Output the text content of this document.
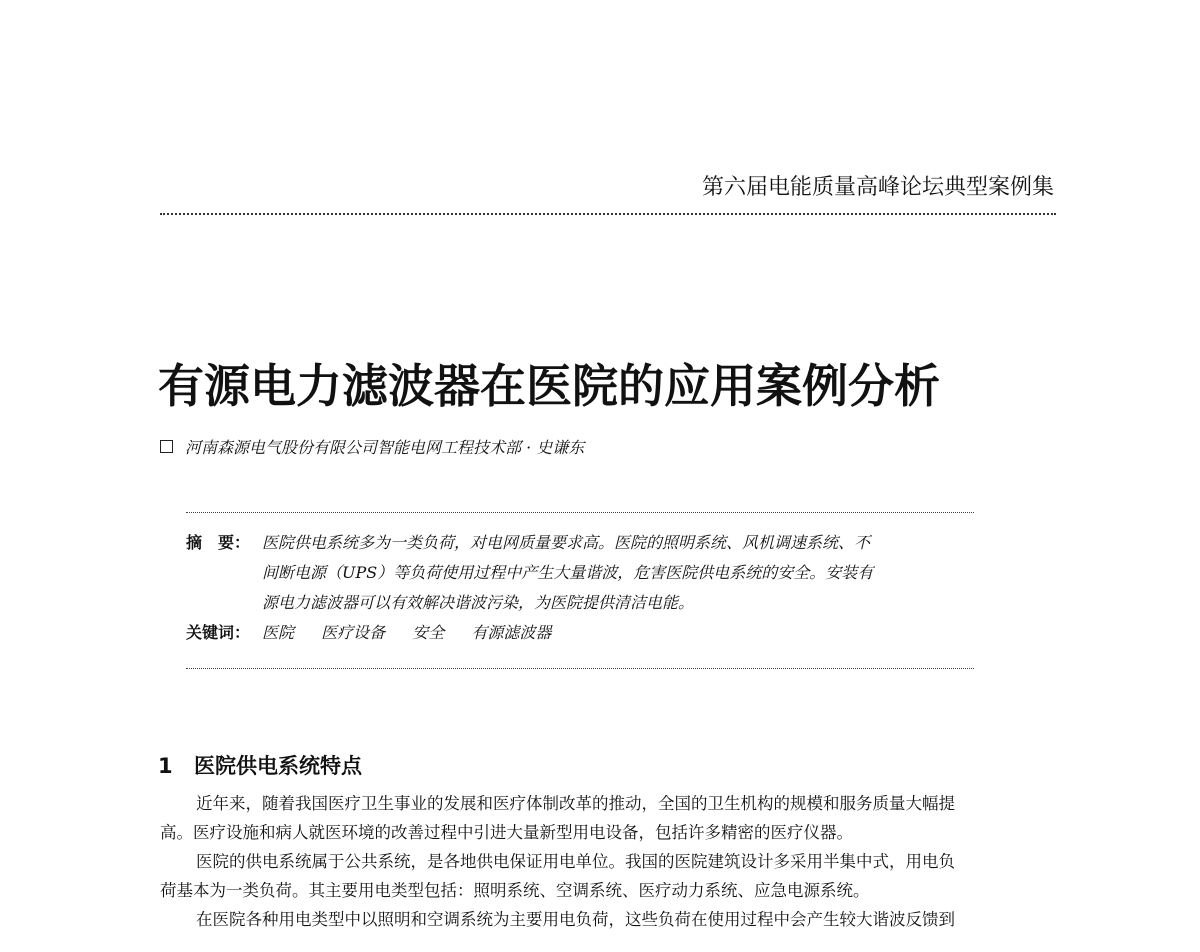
第六届电能质量高峰论坛典型案例集
有源电力滤波器在医院的应用案例分析
河南森源电气股份有限公司智能电网工程技术部 · 史谦东
摘　要： 医院供电系统多为一类负荷，对电网质量要求高。医院的照明系统、风机调速系统、不
间断电源（UPS）等负荷使用过程中产生大量谐波，危害医院供电系统的安全。安装有
源电力滤波器可以有效解决谐波污染，为医院提供清洁电能。
关键词： 医院 医疗设备 安全 有源滤波器
1 医院供电系统特点
近年来，随着我国医疗卫生事业的发展和医疗体制改革的推动，全国的卫生机构的规模和服务质量大幅提
高。医疗设施和病人就医环境的改善过程中引进大量新型用电设备，包括许多精密的医疗仪器。
医院的供电系统属于公共系统，是各地供电保证用电单位。我国的医院建筑设计多采用半集中式，用电负
荷基本为一类负荷。其主要用电类型包括：照明系统、空调系统、医疗动力系统、应急电源系统。
在医院各种用电类型中以照明和空调系统为主要用电负荷，这些负荷在使用过程中会产生较大谐波反馈到
